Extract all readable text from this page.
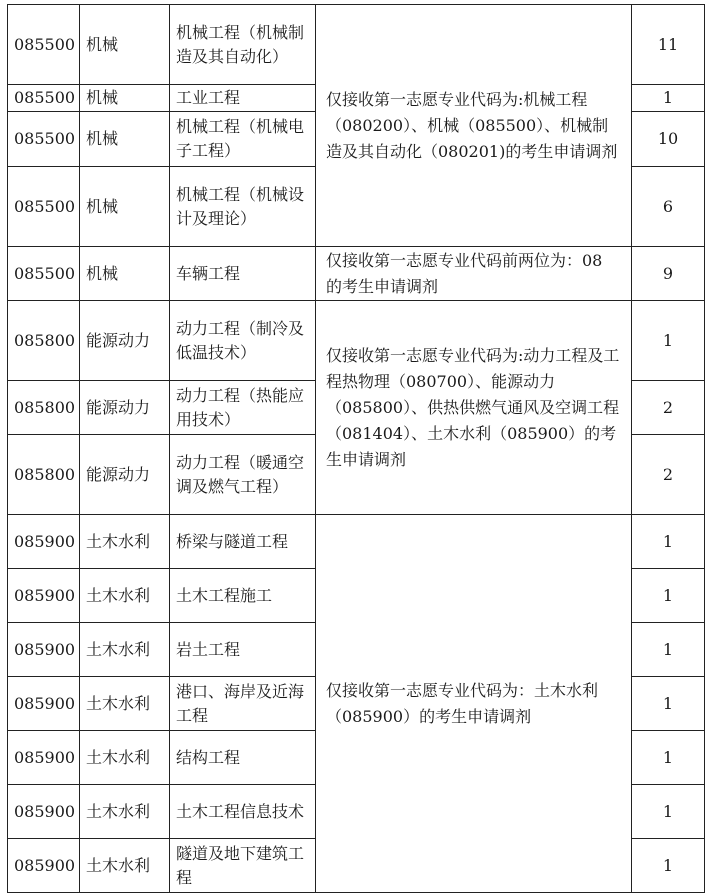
085500	机械	机械工程（机械制造及其自动化）	仅接收第一志愿专业代码为:机械工程（080200）、机械（085500）、机械制造及其自动化（080201)的考生申请调剂	11
085500	机械	工业工程		1
085500	机械	机械工程（机械电子工程）		10
085500	机械	机械工程（机械设计及理论）		6
085500	机械	车辆工程	仅接收第一志愿专业代码前两位为：08 的考生申请调剂	9
085800	能源动力	动力工程（制冷及低温技术）	仅接收第一志愿专业代码为:动力工程及工程热物理（080700）、能源动力（085800）、供热供燃气通风及空调工程（081404）、土木水利（085900）的考生申请调剂	1
085800	能源动力	动力工程（热能应用技术）		2
085800	能源动力	动力工程（暖通空调及燃气工程）		2
085900	土木水利	桥梁与隧道工程	仅接收第一志愿专业代码为：土木水利（085900）的考生申请调剂	1
085900	土木水利	土木工程施工		1
085900	土木水利	岩土工程		1
085900	土木水利	港口、海岸及近海工程		1
085900	土木水利	结构工程		1
085900	土木水利	土木工程信息技术		1
085900	土木水利	隧道及地下建筑工程		1
